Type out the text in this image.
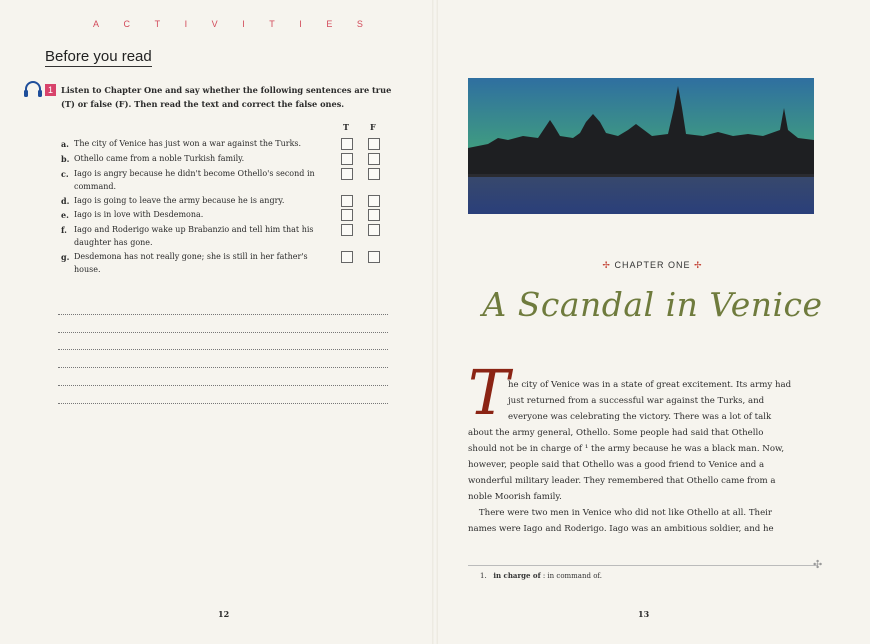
A	C	T	I	V	I	T	I	E	S
Before you read
1 Listen to Chapter One and say whether the following sentences are true (T) or false (F). Then read the text and correct the false ones.
T	F
a. The city of Venice has just won a war against the Turks.
b. Othello came from a noble Turkish family.
c. Iago is angry because he didn't become Othello's second in command.
d. Iago is going to leave the army because he is angry.
e. Iago is in love with Desdemona.
f. Iago and Roderigo wake up Brabanzio and tell him that his daughter has gone.
g. Desdemona has not really gone; she is still in her father's house.
12
✢ CHAPTER ONE ✢
A Scandal in Venice
T
he city of Venice was in a state of great excitement. Its army had
just returned from a successful war against the Turks, and
everyone was celebrating the victory. There was a lot of talk
about the army general, Othello. Some people had said that Othello
should not be in charge of ¹ the army because he was a black man. Now,
however, people said that Othello was a good friend to Venice and a
wonderful military leader. They remembered that Othello came from a
noble Moorish family.
There were two men in Venice who did not like Othello at all. Their
names were Iago and Roderigo. Iago was an ambitious soldier, and he
✣
1. in charge of : in command of.
13
